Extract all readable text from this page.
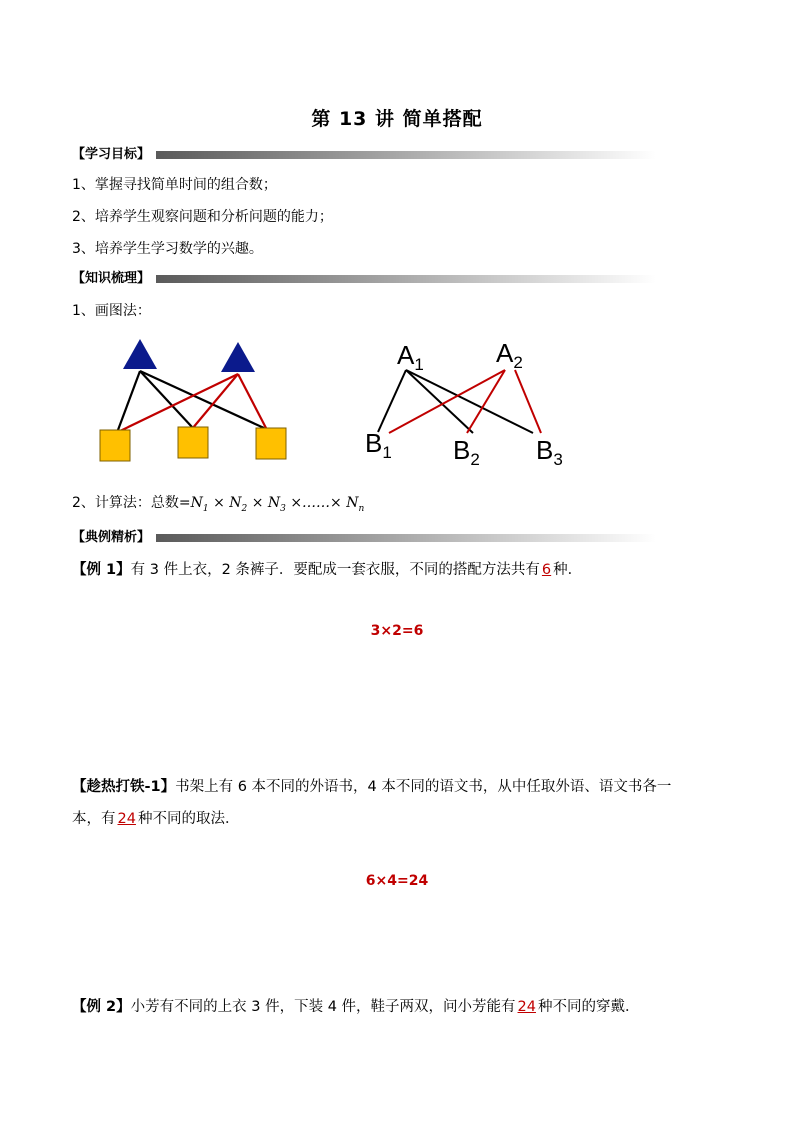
第 13 讲 简单搭配
【学习目标】
1、掌握寻找简单时间的组合数；
2、培养学生观察问题和分析问题的能力；
3、培养学生学习数学的兴趣。
【知识梳理】
1、画图法：
$A_1$	$A_2$
$B_1$ $B_2$ $B_3$
2、计算法：总数$=N_1 \times N_2 \times N_3$ ×……× $N_n$
【典例精析】
【例 1】有 3 件上衣，2 条裤子．要配成一套衣服，不同的搭配方法共有 6 种．
3×2=6
【趁热打铁-1】书架上有 6 本不同的外语书，4 本不同的语文书，从中任取外语、语文书各一
本，有 24 种不同的取法．
6×4=24
【例 2】小芳有不同的上衣 3 件，下装 4 件，鞋子两双，问小芳能有 24 种不同的穿戴．
